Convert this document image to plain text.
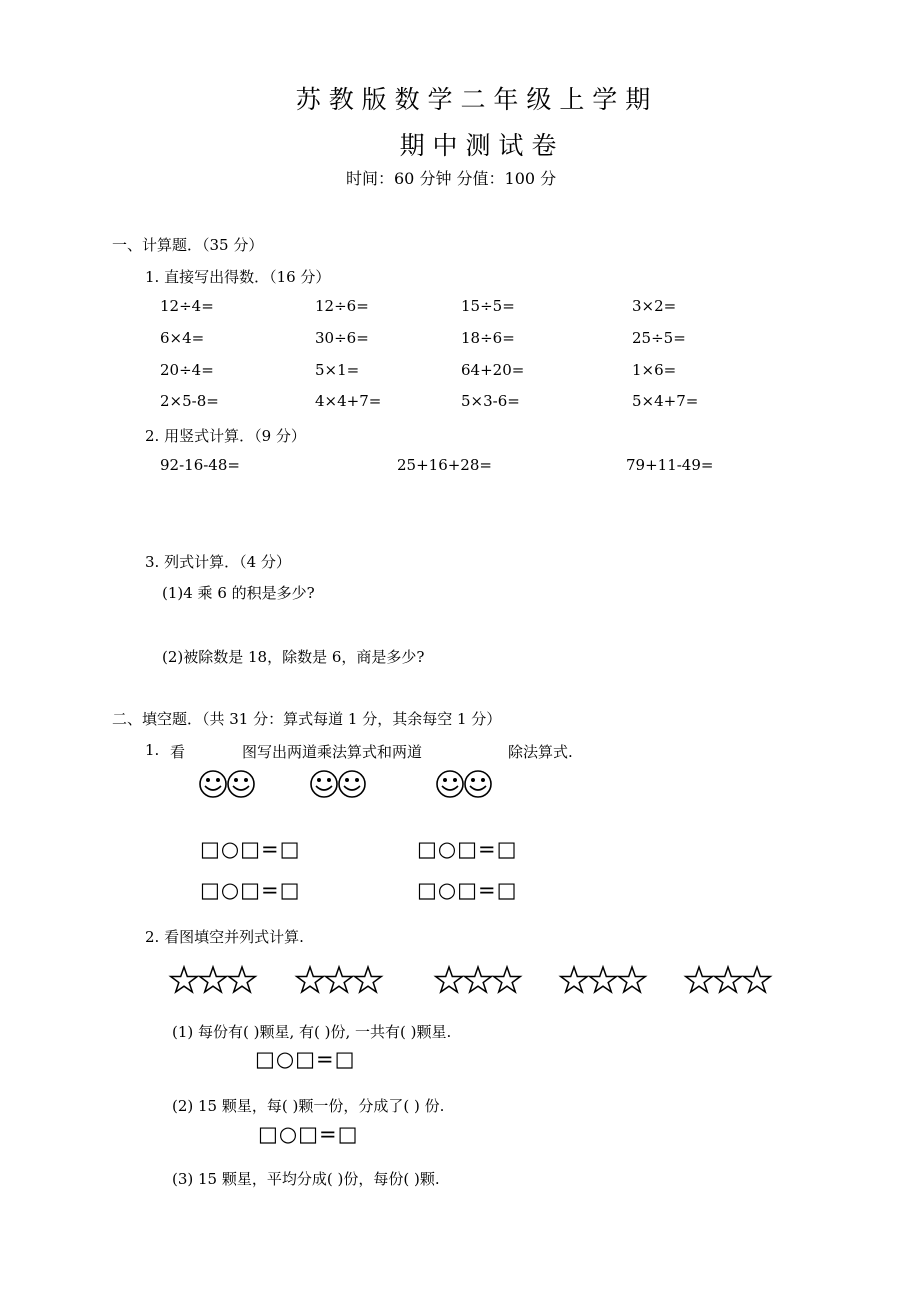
苏 教 版 数 学 二 年 级 上 学 期
期 中 测 试 卷
时间：60 分钟 分值：100 分
一、计算题．（35 分）
1. 直接写出得数．（16 分）
12÷4=	12÷6=	15÷5=	3×2=
6×4=	30÷6=	18÷6=	25÷5=
20÷4=	5×1=	64+20=	1×6=
2×5-8=	4×4+7=	5×3-6=	5×4+7=
2. 用竖式计算．（9 分）
92-16-48=	25+16+28=	79+11-49=
3. 列式计算．（4 分）
(1)4 乘 6 的积是多少?
(2)被除数是 18，除数是 6，商是多少?
二、填空题．（共 31 分：算式每道 1 分，其余每空 1 分）
1. 看	图写出两道乘法算式和两道	除法算式.
□○□=□	□○□=□
□○□=□	□○□=□
2. 看图填空并列式计算.
(1) 每份有( )颗星, 有( )份, 一共有( )颗星.
□○□=□
(2) 15 颗星，每( )颗一份，分成了( ) 份.
□○□=□
(3) 15 颗星，平均分成( )份，每份( )颗.
